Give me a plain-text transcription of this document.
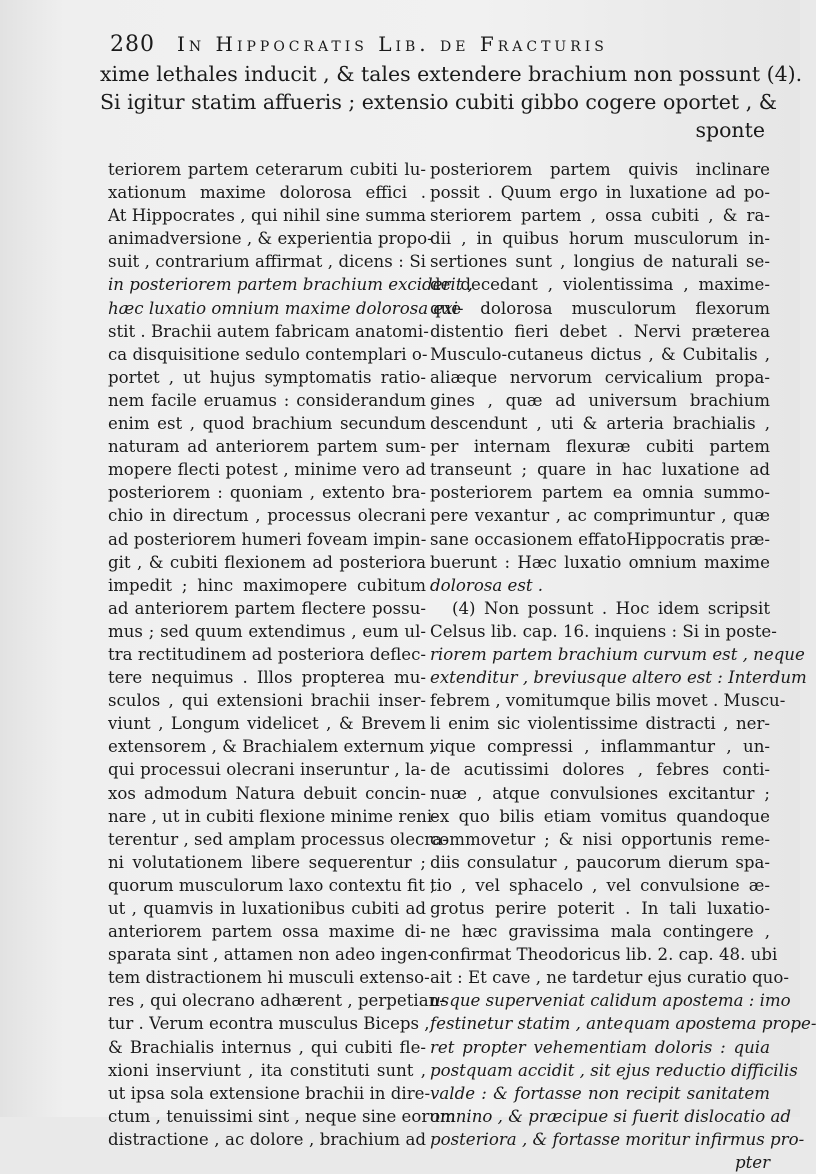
280 In Hippocratis Lib. de Fracturis
xime lethales inducit , & tales extendere brachium non possunt (4).
Si igitur statim affueris ; extensio cubiti gibbo cogere oportet , &
sponte
teriorem partem ceterarum cubiti lu-
xationum maxime dolorosa effici .
At Hippocrates , qui nihil sine summa
animadversione , & experientia propo-
suit , contrarium affirmat , dicens : Si
in posteriorem partem brachium exciderit ,
hæc luxatio omnium maxime dolorosa exi-
stit . Brachii autem fabricam anatomi-
ca disquisitione sedulo contemplari o-
portet , ut hujus symptomatis ratio-
nem facile eruamus : considerandum
enim est , quod brachium secundum
naturam ad anteriorem partem sum-
mopere flecti potest , minime vero ad
posteriorem : quoniam , extento bra-
chio in directum , processus olecrani
ad posteriorem humeri foveam impin-
git , & cubiti flexionem ad posteriora
impedit ; hinc maximopere cubitum
ad anteriorem partem flectere possu-
mus ; sed quum extendimus , eum ul-
tra rectitudinem ad posteriora deflec-
tere nequimus . Illos propterea mu-
sculos , qui extensioni brachii inser-
viunt , Longum videlicet , & Brevem
extensorem , & Brachialem externum ,
qui processui olecrani inseruntur , la-
xos admodum Natura debuit concin-
nare , ut in cubiti flexione minime reni-
terentur , sed amplam processus olecra-
ni volutationem libere sequerentur ;
quorum musculorum laxo contextu fit ,
ut , quamvis in luxationibus cubiti ad
anteriorem partem ossa maxime di-
sparata sint , attamen non adeo ingen-
tem distractionem hi musculi extenso-
res , qui olecrano adhærent , perpetian-
tur . Verum econtra musculus Biceps ,
& Brachialis internus , qui cubiti fle-
xioni inserviunt , ita constituti sunt ,
ut ipsa sola extensione brachii in dire-
ctum , tenuissimi sint , neque sine eorum
distractione , ac dolore , brachium ad
posteriorem partem quivis inclinare
possit . Quum ergo in luxatione ad po-
steriorem partem , ossa cubiti , & ra-
dii , in quibus horum musculorum in-
sertiones sunt , longius de naturali se-
de decedant , violentissima , maxime-
que dolorosa musculorum flexorum
distentio fieri debet . Nervi præterea
Musculo-cutaneus dictus , & Cubitalis ,
aliæque nervorum cervicalium propa-
gines , quæ ad universum brachium
descendunt , uti & arteria brachialis ,
per internam flexuræ cubiti partem
transeunt ; quare in hac luxatione ad
posteriorem partem ea omnia summo-
pere vexantur , ac comprimuntur , quæ
sane occasionem effatoHippocratis præ-
buerunt : Hæc luxatio omnium maxime
dolorosa est .
(4) Non possunt . Hoc idem scripsit
Celsus lib. cap. 16. inquiens : Si in poste-
riorem partem brachium curvum est , neque
extenditur , breviusque altero est : Interdum
febrem , vomitumque bilis movet . Muscu-
li enim sic violentissime distracti , ner-
vique compressi , inflammantur , un-
de acutissimi dolores , febres conti-
nuæ , atque convulsiones excitantur ;
ex quo bilis etiam vomitus quandoque
commovetur ; & nisi opportunis reme-
diis consulatur , paucorum dierum spa-
tio , vel sphacelo , vel convulsione æ-
grotus perire poterit . In tali luxatio-
ne hæc gravissima mala contingere ,
confirmat Theodoricus lib. 2. cap. 48. ubi
ait : Et cave , ne tardetur ejus curatio quo-
usque superveniat calidum apostema : imo
festinetur statim , antequam apostema prope-
ret propter vehementiam doloris : quia
postquam accidit , sit ejus reductio difficilis
valde : & fortasse non recipit sanitatem
omnino , & præcipue si fuerit dislocatio ad
posteriora , & fortasse moritur infirmus pro-
pter
